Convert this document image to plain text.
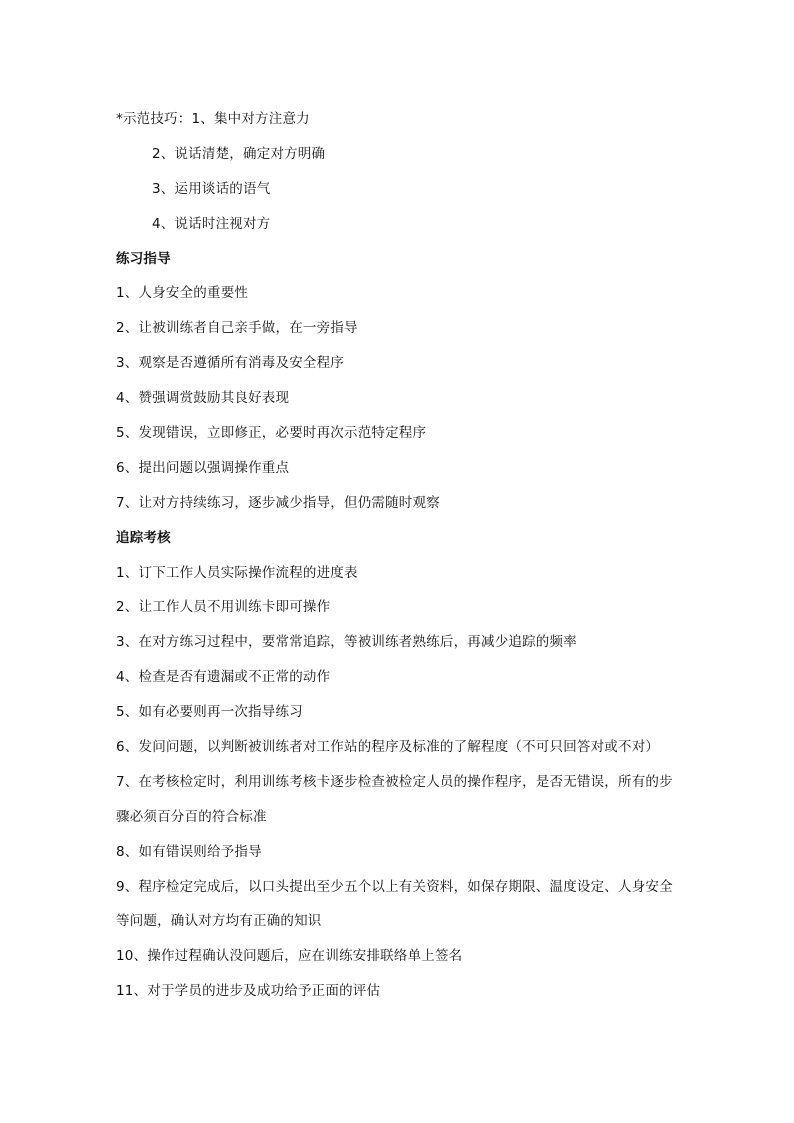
*示范技巧：1、集中对方注意力
2、说话清楚，确定对方明确
3、运用谈话的语气
4、说话时注视对方
练习指导
1、人身安全的重要性
2、让被训练者自己亲手做，在一旁指导
3、观察是否遵循所有消毒及安全程序
4、赞强调赏鼓励其良好表现
5、发现错误，立即修正，必要时再次示范特定程序
6、提出问题以强调操作重点
7、让对方持续练习，逐步减少指导，但仍需随时观察
追踪考核
1、订下工作人员实际操作流程的进度表
2、让工作人员不用训练卡即可操作
3、在对方练习过程中，要常常追踪，等被训练者熟练后，再减少追踪的频率
4、检查是否有遗漏或不正常的动作
5、如有必要则再一次指导练习
6、发问问题，以判断被训练者对工作站的程序及标准的了解程度（不可只回答对或不对）
7、在考核检定时，利用训练考核卡逐步检查被检定人员的操作程序，是否无错误，所有的步
骤必须百分百的符合标准
8、如有错误则给予指导
9、程序检定完成后，以口头提出至少五个以上有关资料，如保存期限、温度设定、人身安全
等问题，确认对方均有正确的知识
10、操作过程确认没问题后，应在训练安排联络单上签名
11、对于学员的进步及成功给予正面的评估
